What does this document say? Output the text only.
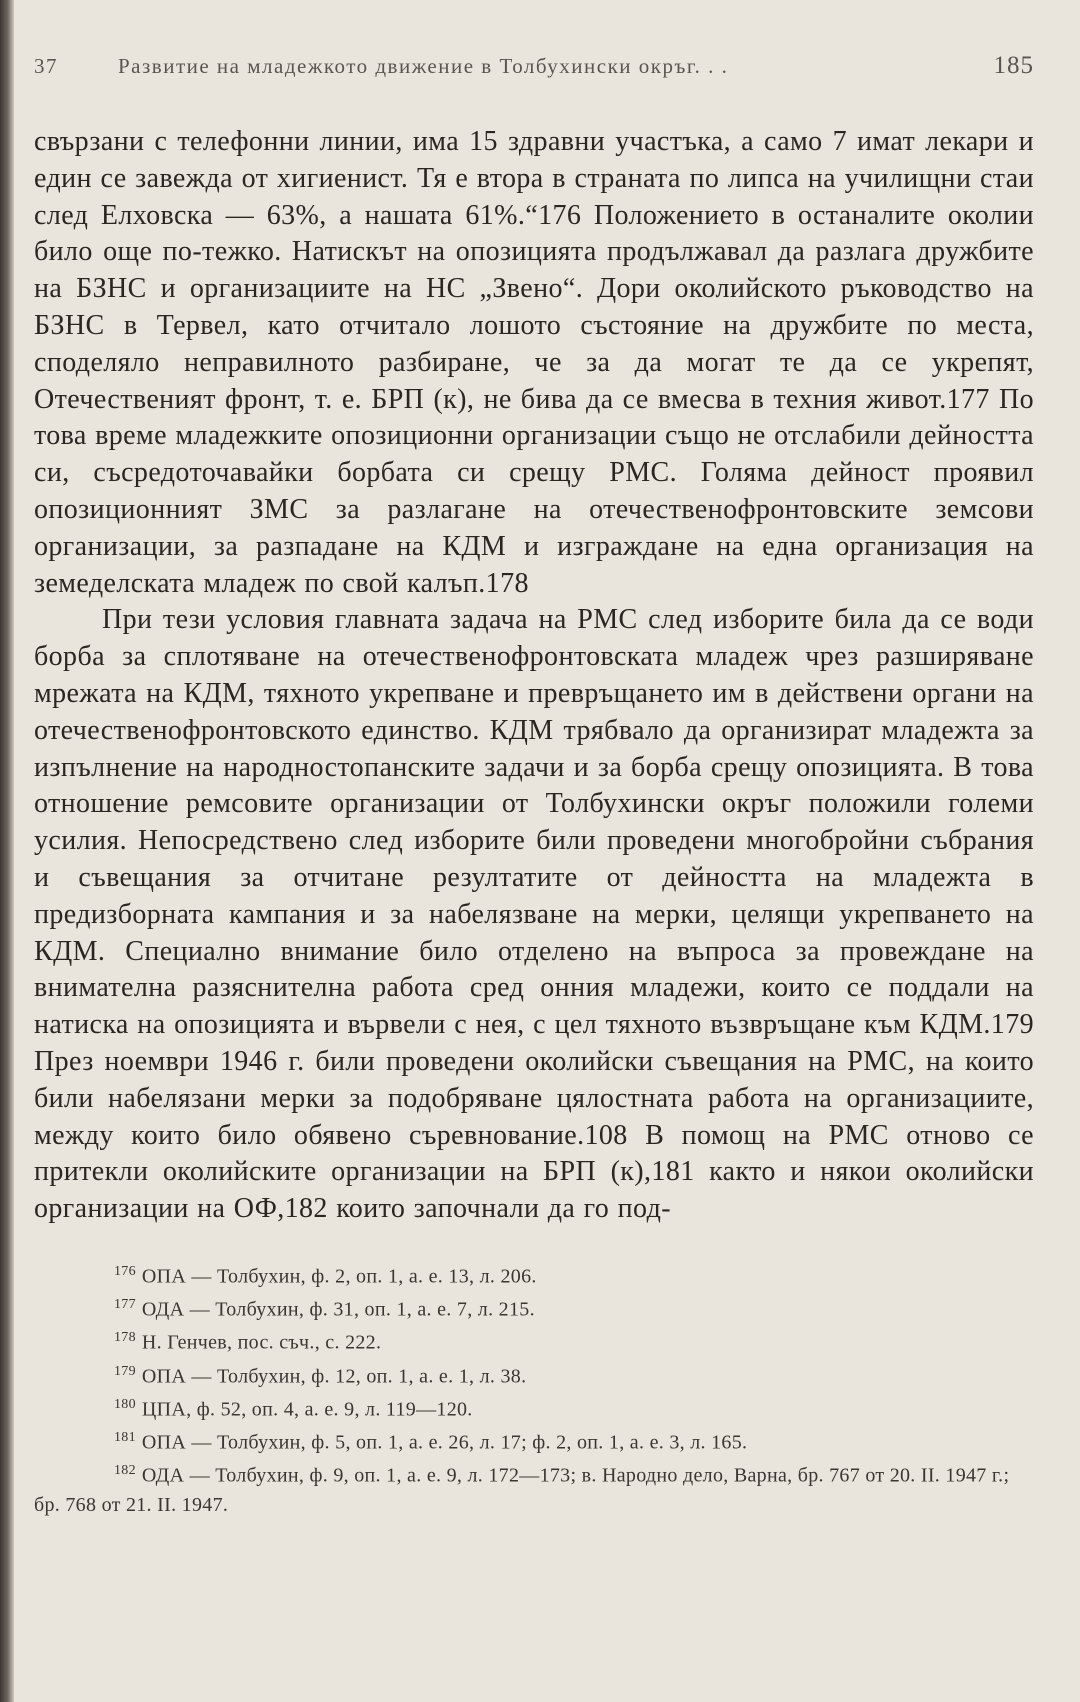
37	Развитие на младежкото движение в Толбухински окръг. . .	185

свързани с телефонни линии, има 15 здравни участъка, а само 7 имат лекари и един се завежда от хигиенист. Тя е втора в страната по липса на училищни стаи след Елховска — 63%, а нашата 61%.“176 Положението в останалите околии било още по-тежко. Натискът на опозицията продължавал да разлага дружбите на БЗНС и организациите на НС „Звено“. Дори околийското ръководство на БЗНС в Тервел, като отчитало лошото състояние на дружбите по места, споделяло неправилното разбиране, че за да могат те да се укрепят, Отечественият фронт, т. е. БРП (к), не бива да се вмесва в техния живот.177 По това време младежките опозиционни организации също не отслабили дейността си, съсредоточавайки борбата си срещу РМС. Голяма дейност проявил опозиционният ЗМС за разлагане на отечественофронтовските земсови организации, за разпадане на КДМ и изграждане на една организация на земеделската младеж по свой калъп.178

При тези условия главната задача на РМС след изборите била да се води борба за сплотяване на отечественофронтовската младеж чрез разширяване мрежата на КДМ, тяхното укрепване и превръщането им в действени органи на отечественофронтовското единство. КДМ трябвало да организират младежта за изпълнение на народностопанските задачи и за борба срещу опозицията. В това отношение ремсовите организации от Толбухински окръг положили големи усилия. Непосредствено след изборите били проведени многобройни събрания и съвещания за отчитане резултатите от дейността на младежта в предизборната кампания и за набелязване на мерки, целящи укрепването на КДМ. Специално внимание било отделено на въпроса за провеждане на внимателна разяснителна работа сред онния младежи, които се поддали на натиска на опозицията и вървели с нея, с цел тяхното възвръщане към КДМ.179 През ноември 1946 г. били проведени околийски съвещания на РМС, на които били набелязани мерки за подобряване цялостната работа на организациите, между които било обявено съревнование.108 В помощ на РМС отново се притекли околийските организации на БРП (к),181 както и някои околийски организации на ОФ,182 които започнали да го под-

$^{176}$ ОПА — Толбухин, ф. 2, оп. 1, а. е. 13, л. 206.
$^{177}$ ОДА — Толбухин, ф. 31, оп. 1, а. е. 7, л. 215.
$^{178}$ Н. Генчев, пос. съч., с. 222.
$^{179}$ ОПА — Толбухин, ф. 12, оп. 1, а. е. 1, л. 38.
$^{180}$ ЦПА, ф. 52, оп. 4, а. е. 9, л. 119—120.
$^{181}$ ОПА — Толбухин, ф. 5, оп. 1, а. е. 26, л. 17; ф. 2, оп. 1, а. е. 3, л. 165.
$^{182}$ ОДА — Толбухин, ф. 9, оп. 1, а. е. 9, л. 172—173; в. Народно дело, Варна, бр. 767 от 20. II. 1947 г.; бр. 768 от 21. II. 1947.
